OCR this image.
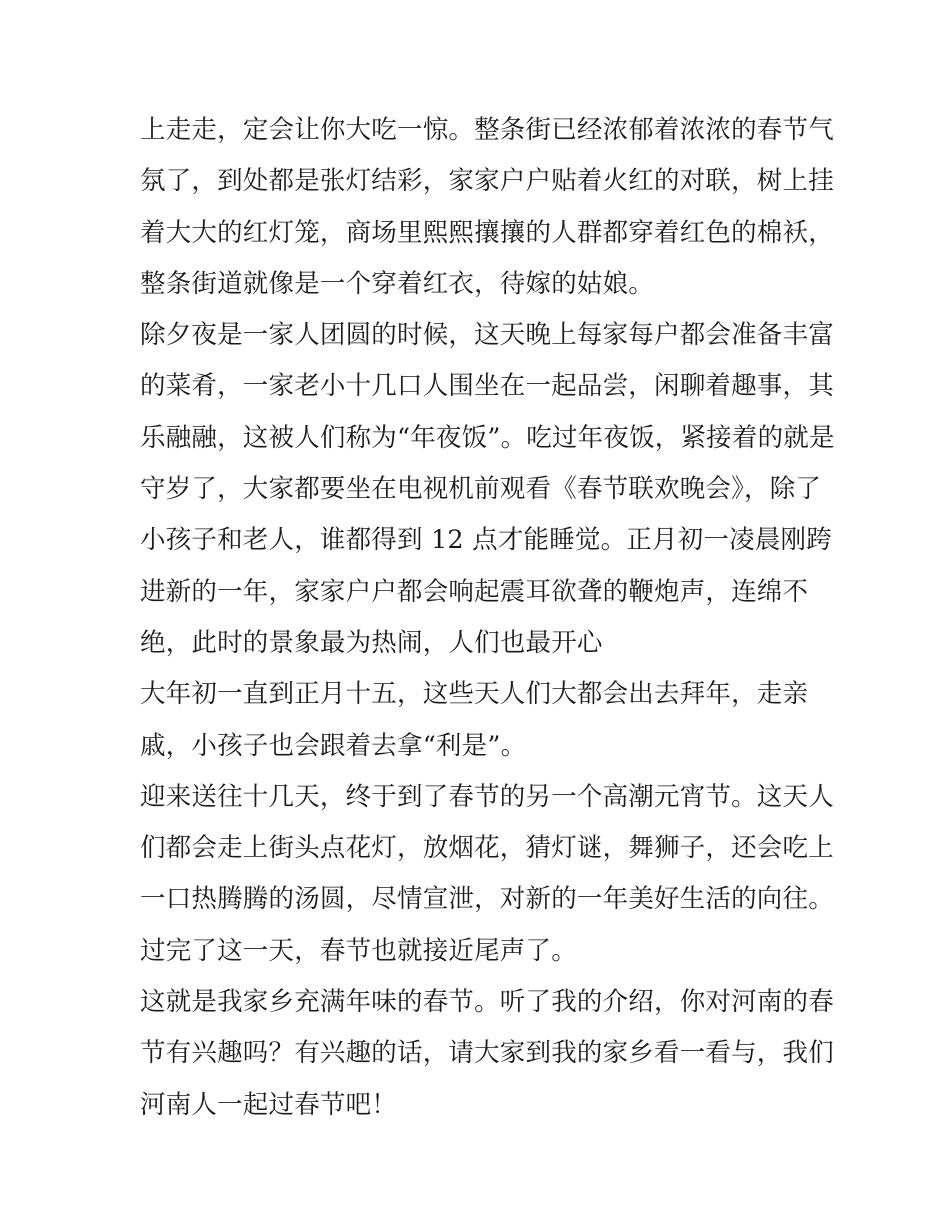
上走走，定会让你大吃一惊。整条街已经浓郁着浓浓的春节气
氛了，到处都是张灯结彩，家家户户贴着火红的对联，树上挂
着大大的红灯笼，商场里熙熙攘攘的人群都穿着红色的棉袄，
整条街道就像是一个穿着红衣，待嫁的姑娘。
除夕夜是一家人团圆的时候，这天晚上每家每户都会准备丰富
的菜肴，一家老小十几口人围坐在一起品尝，闲聊着趣事，其
乐融融，这被人们称为“年夜饭”。吃过年夜饭，紧接着的就是
守岁了，大家都要坐在电视机前观看《春节联欢晚会》，除了
小孩子和老人，谁都得到 12 点才能睡觉。正月初一凌晨刚跨
进新的一年，家家户户都会响起震耳欲聋的鞭炮声，连绵不
绝，此时的景象最为热闹，人们也最开心
大年初一直到正月十五，这些天人们大都会出去拜年，走亲
戚，小孩子也会跟着去拿“利是”。
迎来送往十几天，终于到了春节的另一个高潮元宵节。这天人
们都会走上街头点花灯，放烟花，猜灯谜，舞狮子，还会吃上
一口热腾腾的汤圆，尽情宣泄，对新的一年美好生活的向往。
过完了这一天，春节也就接近尾声了。
这就是我家乡充满年味的春节。听了我的介绍，你对河南的春
节有兴趣吗？有兴趣的话，请大家到我的家乡看一看与，我们
河南人一起过春节吧！
